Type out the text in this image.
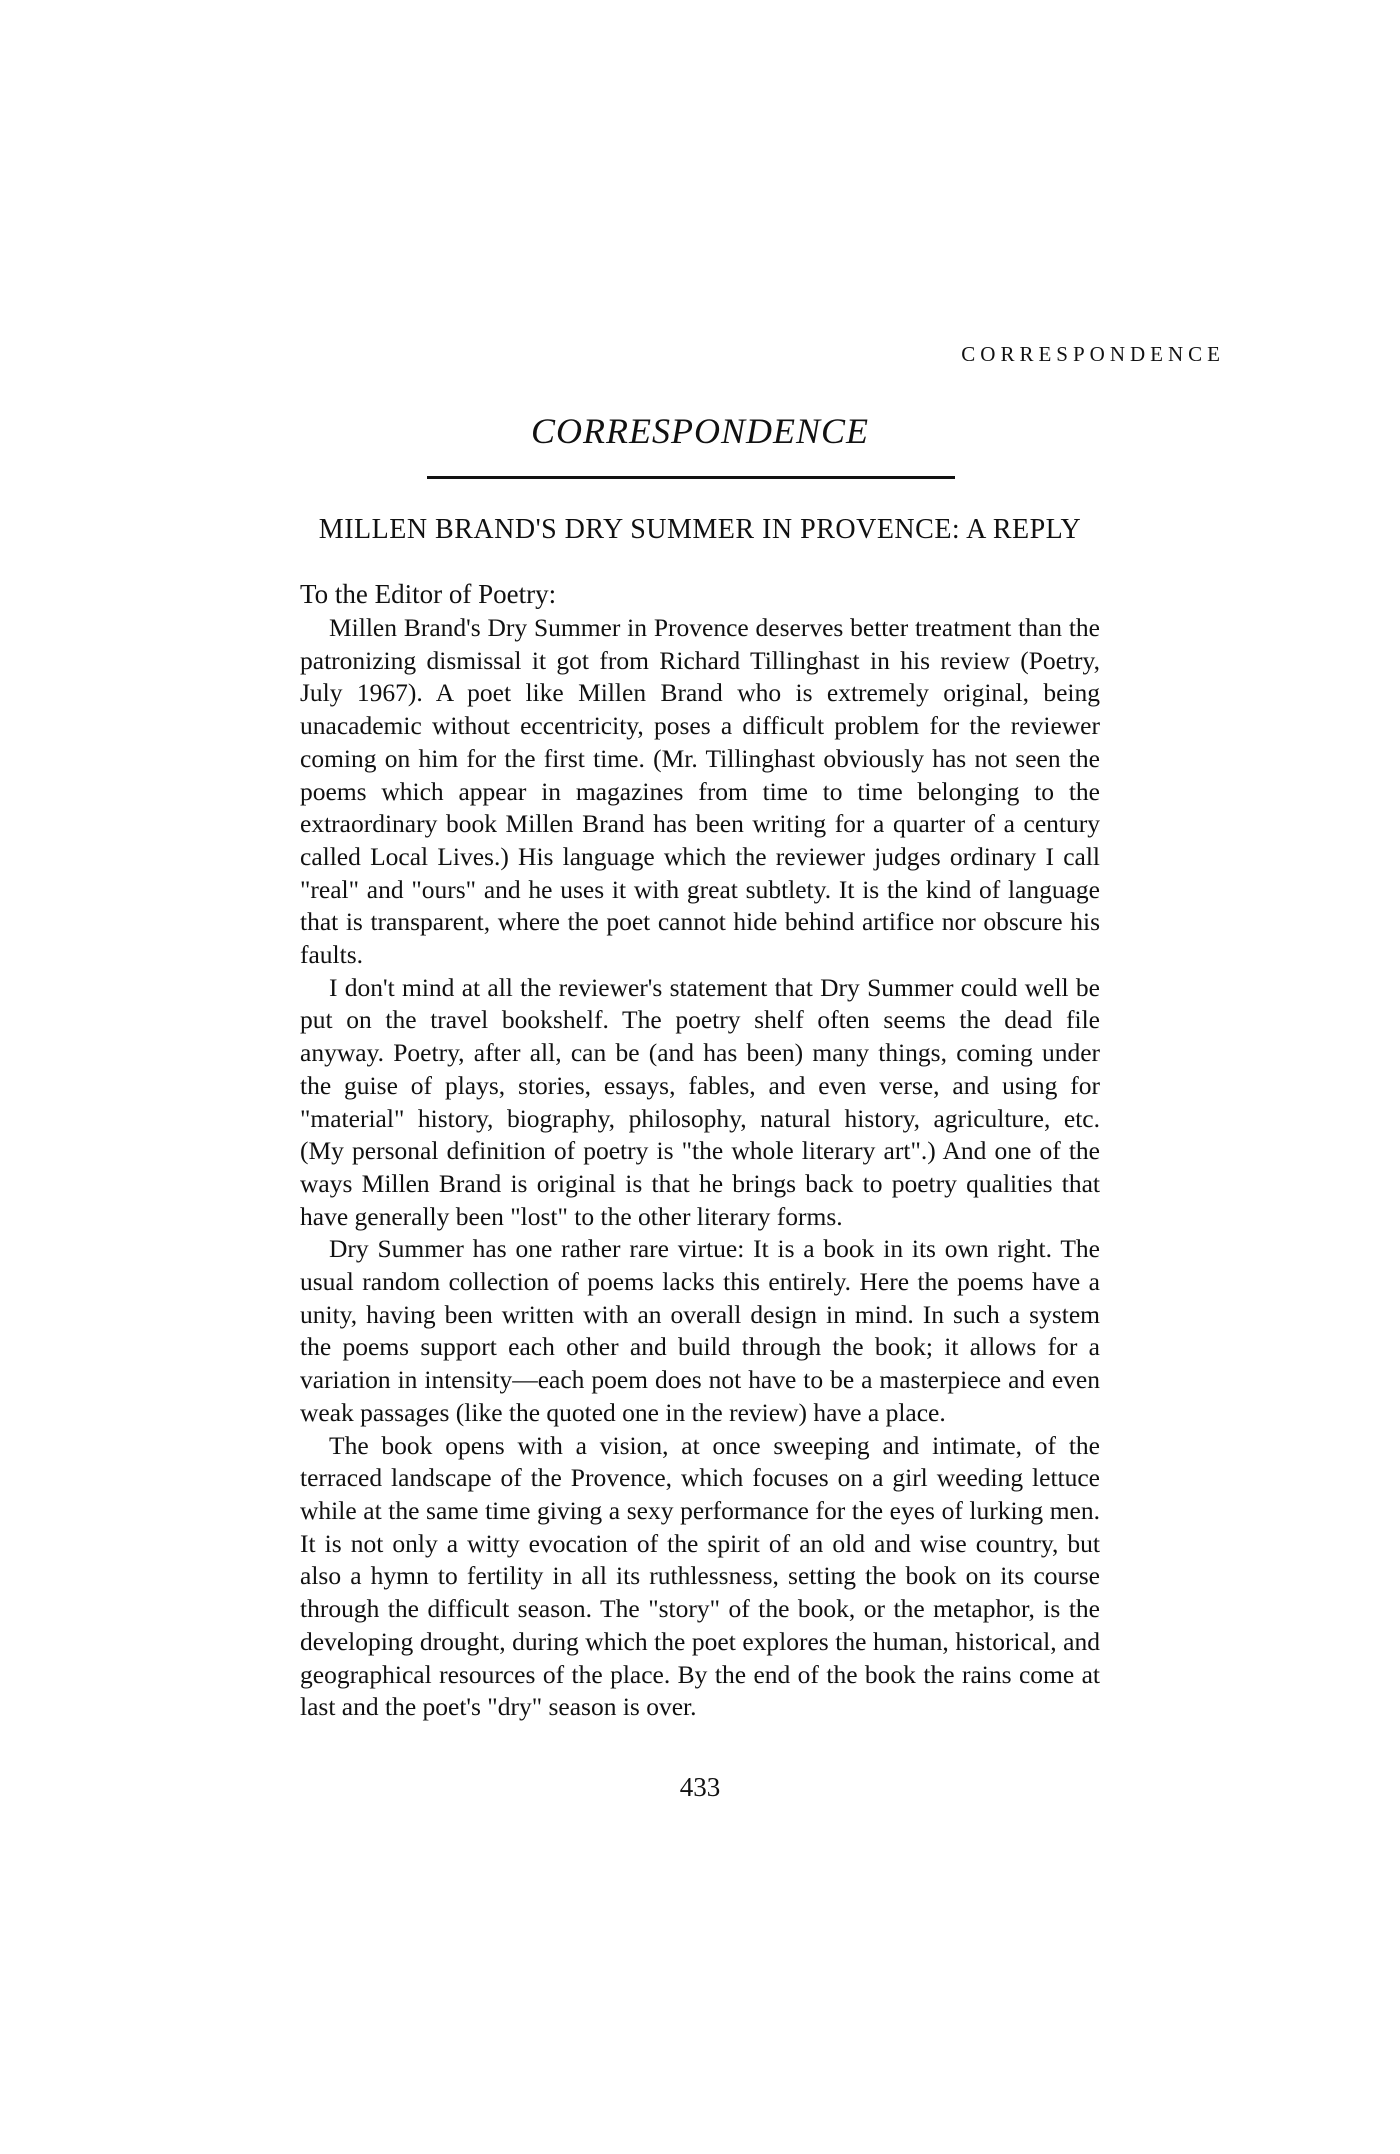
CORRESPONDENCE
CORRESPONDENCE
MILLEN BRAND'S DRY SUMMER IN PROVENCE: A REPLY
To the Editor of Poetry:

Millen Brand's Dry Summer in Provence deserves better treatment than the patronizing dismissal it got from Richard Tillinghast in his review (Poetry, July 1967). A poet like Millen Brand who is extremely original, being unacademic without eccentricity, poses a difficult problem for the reviewer coming on him for the first time. (Mr. Tillinghast obviously has not seen the poems which appear in magazines from time to time belonging to the extraordinary book Millen Brand has been writing for a quarter of a century called Local Lives.) His language which the reviewer judges ordinary I call "real" and "ours" and he uses it with great subtlety. It is the kind of language that is transparent, where the poet cannot hide behind artifice nor obscure his faults.

I don't mind at all the reviewer's statement that Dry Summer could well be put on the travel bookshelf. The poetry shelf often seems the dead file anyway. Poetry, after all, can be (and has been) many things, coming under the guise of plays, stories, essays, fables, and even verse, and using for "material" history, biography, philosophy, natural history, agriculture, etc. (My personal definition of poetry is "the whole literary art".) And one of the ways Millen Brand is original is that he brings back to poetry qualities that have generally been "lost" to the other literary forms.

Dry Summer has one rather rare virtue: It is a book in its own right. The usual random collection of poems lacks this entirely. Here the poems have a unity, having been written with an overall design in mind. In such a system the poems support each other and build through the book; it allows for a variation in intensity—each poem does not have to be a masterpiece and even weak passages (like the quoted one in the review) have a place.

The book opens with a vision, at once sweeping and intimate, of the terraced landscape of the Provence, which focuses on a girl weeding lettuce while at the same time giving a sexy performance for the eyes of lurking men. It is not only a witty evocation of the spirit of an old and wise country, but also a hymn to fertility in all its ruthlessness, setting the book on its course through the difficult season. The "story" of the book, or the metaphor, is the developing drought, during which the poet explores the human, historical, and geographical resources of the place. By the end of the book the rains come at last and the poet's "dry" season is over.

433
